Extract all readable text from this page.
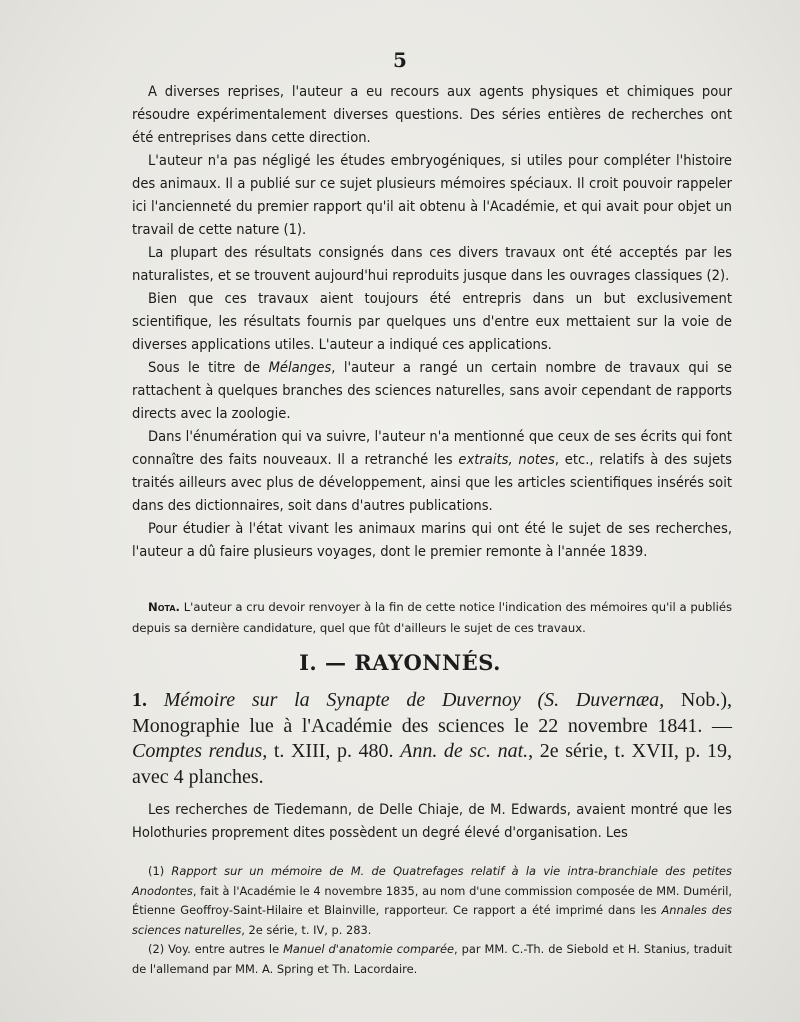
5

A diverses reprises, l'auteur a eu recours aux agents physiques et chimiques pour résoudre expérimentalement diverses questions. Des séries entières de recherches ont été entreprises dans cette direction.

L'auteur n'a pas négligé les études embryogéniques, si utiles pour compléter l'histoire des animaux. Il a publié sur ce sujet plusieurs mémoires spéciaux. Il croit pouvoir rappeler ici l'ancienneté du premier rapport qu'il ait obtenu à l'Académie, et qui avait pour objet un travail de cette nature (1).

La plupart des résultats consignés dans ces divers travaux ont été acceptés par les naturalistes, et se trouvent aujourd'hui reproduits jusque dans les ouvrages classiques (2).

Bien que ces travaux aient toujours été entrepris dans un but exclusivement scientifique, les résultats fournis par quelques uns d'entre eux mettaient sur la voie de diverses applications utiles. L'auteur a indiqué ces applications.

Sous le titre de Mélanges, l'auteur a rangé un certain nombre de travaux qui se rattachent à quelques branches des sciences naturelles, sans avoir cependant de rapports directs avec la zoologie.

Dans l'énumération qui va suivre, l'auteur n'a mentionné que ceux de ses écrits qui font connaître des faits nouveaux. Il a retranché les extraits, notes, etc., relatifs à des sujets traités ailleurs avec plus de développement, ainsi que les articles scientifiques insérés soit dans des dictionnaires, soit dans d'autres publications.

Pour étudier à l'état vivant les animaux marins qui ont été le sujet de ses recherches, l'auteur a dû faire plusieurs voyages, dont le premier remonte à l'année 1839.

Nota. L'auteur a cru devoir renvoyer à la fin de cette notice l'indication des mémoires qu'il a publiés depuis sa dernière candidature, quel que fût d'ailleurs le sujet de ces travaux.

I. — RAYONNÉS.
1. Mémoire sur la Synapte de Duvernoy (S. Duvernæa, Nob.), Monographie lue à l'Académie des sciences le 22 novembre 1841. — Comptes rendus, t. XIII, p. 480. Ann. de sc. nat., 2e série, t. XVII, p. 19, avec 4 planches.

Les recherches de Tiedemann, de Delle Chiaje, de M. Edwards, avaient montré que les Holothuries proprement dites possèdent un degré élevé d'organisation. Les

(1) Rapport sur un mémoire de M. de Quatrefages relatif à la vie intra-branchiale des petites Anodontes, fait à l'Académie le 4 novembre 1835, au nom d'une commission composée de MM. Duméril, Étienne Geoffroy-Saint-Hilaire et Blainville, rapporteur. Ce rapport a été imprimé dans les Annales des sciences naturelles, 2e série, t. IV, p. 283.

(2) Voy. entre autres le Manuel d'anatomie comparée, par MM. C.-Th. de Siebold et H. Stanius, traduit de l'allemand par MM. A. Spring et Th. Lacordaire.
